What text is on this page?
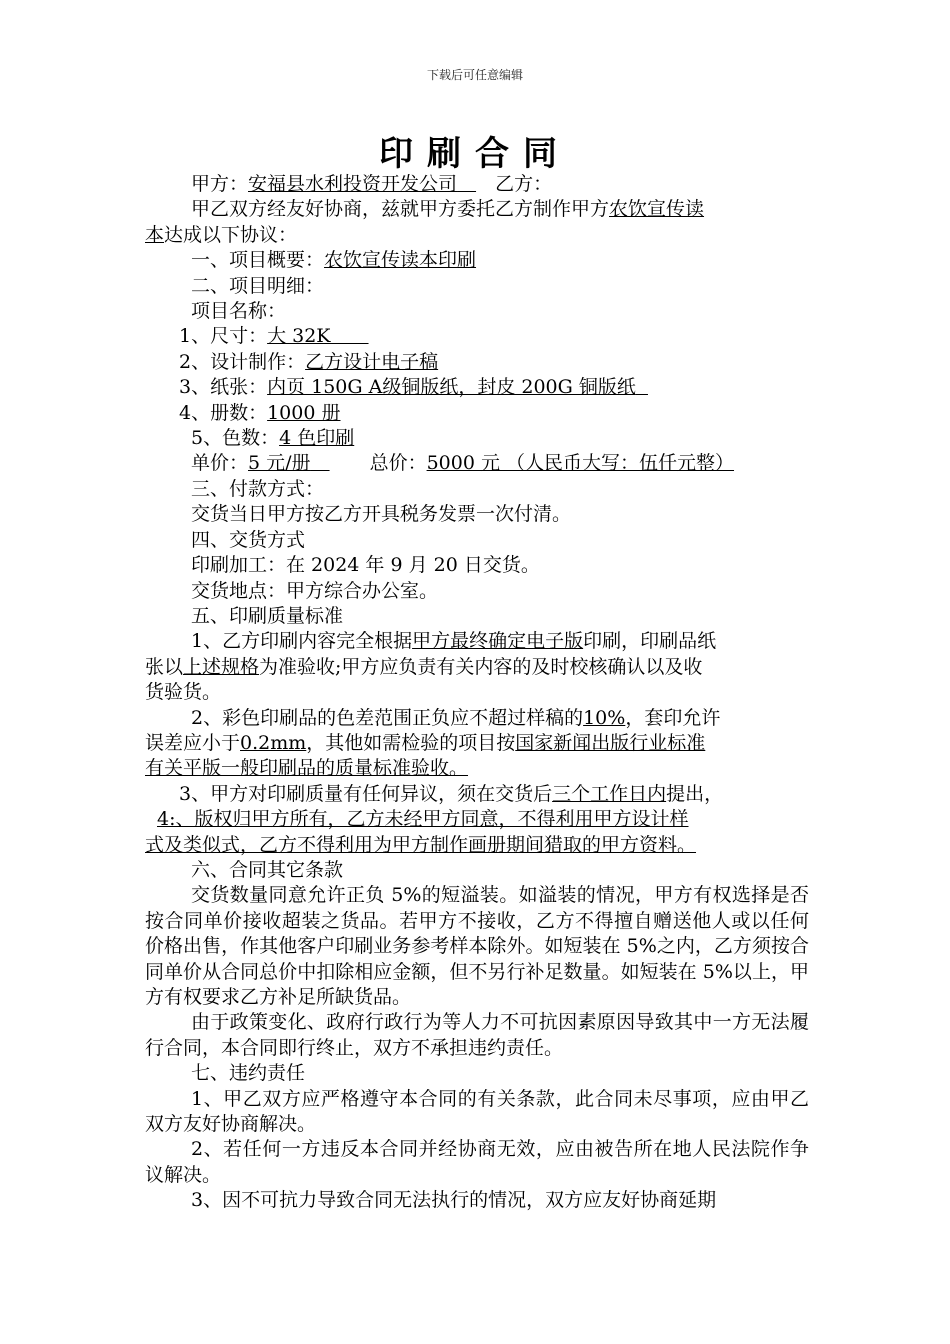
下载后可任意编辑
印刷合同

甲方：安福县水利投资开发公司　　 乙方：

甲乙双方经友好协商，兹就甲方委托乙方制作甲方农饮宣传读

本达成以下协议：

一、项目概要：农饮宣传读本印刷

二、项目明细：

项目名称：

1、尺寸：大 32K　　

2、设计制作：乙方设计电子稿

3、纸张：内页 150G A级铜版纸，封皮 200G 铜版纸

4、册数：1000 册

5、色数：4 色印刷

单价：5 元/册　	总价：5000 元 （人民币大写：伍仟元整）

三、付款方式：

交货当日甲方按乙方开具税务发票一次付清。

四、交货方式

印刷加工：在 2024 年 9 月 20 日交货。

交货地点：甲方综合办公室。

五、印刷质量标准

1、乙方印刷内容完全根据甲方最终确定电子版印刷，印刷品纸

张以上述规格为准验收;甲方应负责有关内容的及时校核确认以及收

货验货。

2、彩色印刷品的色差范围正负应不超过样稿的10%，套印允许

误差应小于0.2mm，其他如需检验的项目按国家新闻出版行业标准

有关平版一般印刷品的质量标准验收。

3、甲方对印刷质量有任何异议，须在交货后三个工作日内提出，

4:、版权归甲方所有，乙方未经甲方同意，不得利用甲方设计样

式及类似式，乙方不得利用为甲方制作画册期间猎取的甲方资料。

六、合同其它条款

交货数量同意允许正负 5%的短溢装。如溢装的情况，甲方有权选择是否按合同单价接收超装之货品。若甲方不接收，乙方不得擅自赠送他人或以任何价格出售，作其他客户印刷业务参考样本除外。如短装在 5%之内，乙方须按合同单价从合同总价中扣除相应金额，但不另行补足数量。如短装在 5%以上，甲方有权要求乙方补足所缺货品。

由于政策变化、政府行政行为等人力不可抗因素原因导致其中一方无法履行合同，本合同即行终止，双方不承担违约责任。

七、违约责任

1、甲乙双方应严格遵守本合同的有关条款，此合同未尽事项，应由甲乙双方友好协商解决。

2、若任何一方违反本合同并经协商无效，应由被告所在地人民法院作争议解决。

3、因不可抗力导致合同无法执行的情况，双方应友好协商延期
